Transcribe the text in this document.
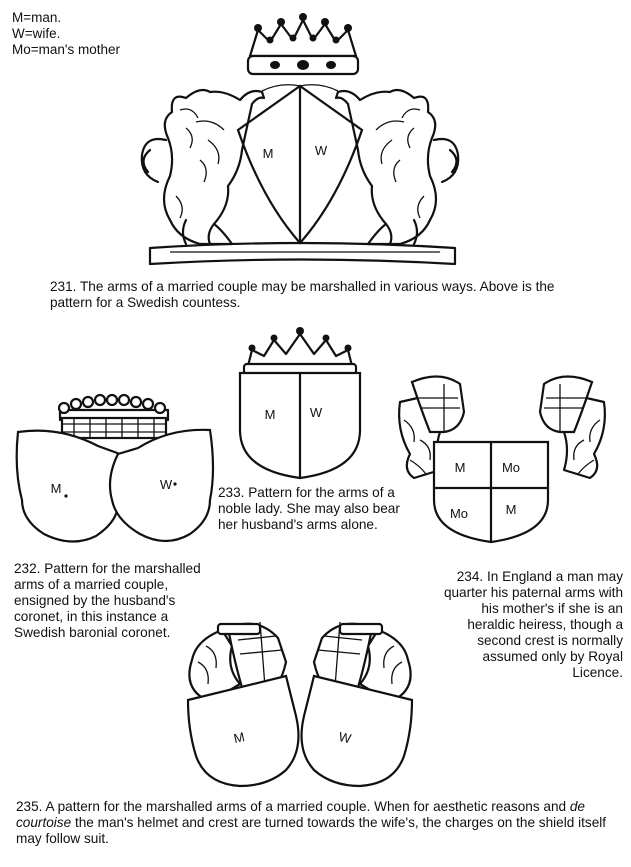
M=man.
W=wife.
Mo=man's mother
M	W
231. The arms of a married couple may be marshalled in various ways. Above is the pattern for a Swedish countess.
M	W
233. Pattern for the arms of a noble lady. She may also bear her husband's arms alone.
M	W
232. Pattern for the marshalled arms of a married couple, ensigned by the husband's coronet, in this instance a Swedish baronial coronet.
M	Mo
Mo	M
234. In England a man may quarter his paternal arms with his mother's if she is an heraldic heiress, though a second crest is normally assumed only by Royal Licence.
M	W
235. A pattern for the marshalled arms of a married couple. When for aesthetic reasons and de courtoise the man's helmet and crest are turned towards the wife's, the charges on the shield itself may follow suit.
